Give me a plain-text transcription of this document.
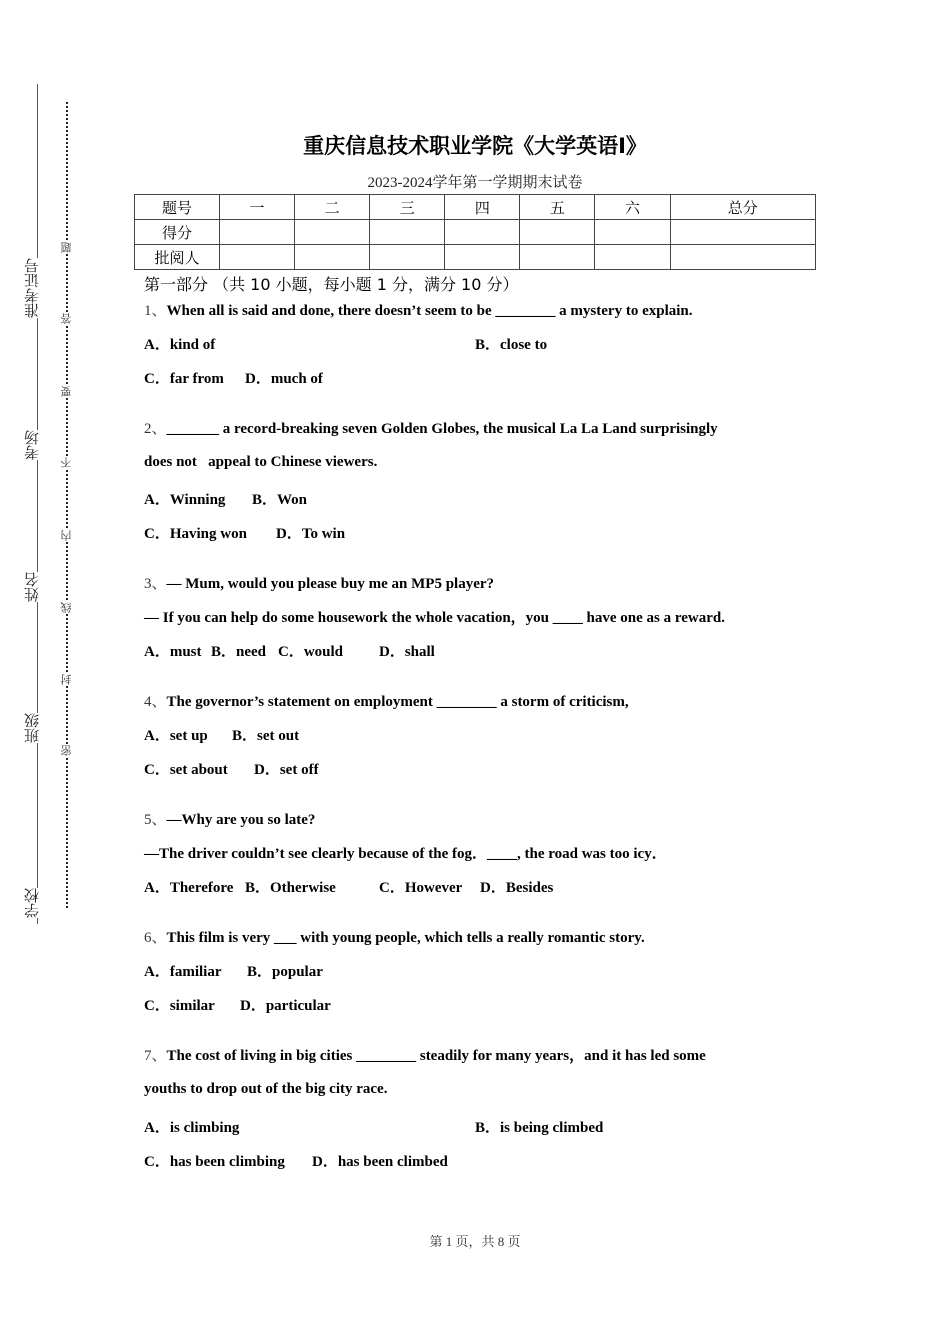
准考证号
考场
姓名
班级
学校
题
答
要
不
内
线
封
密
重庆信息技术职业学院《大学英语Ⅰ》
2023-2024学年第一学期期末试卷
题号	一	二	三	四	五	六	总分
得分							
批阅人							
第一部分 （共 10 小题，每小题 1 分，满分 10 分）
1、When all is said and done, there doesn’t seem to be ________ a mystery to explain.
A．kind of	B．close to
C．far from D．much of
2、_______ a record-breaking seven Golden Globes, the musical La La Land surprisingly
does not   appeal to Chinese viewers.
A．Winning B．Won
C．Having won D．To win
3、— Mum, would you please buy me an MP5 player?
— If you can help do some housework the whole vacation，you ____ have one as a reward.
A．must B．need C．would D．shall
4、The governor’s statement on employment ________ a storm of criticism,
A．set up B．set out
C．set about D．set off
5、—Why are you so late?
—The driver couldn’t see clearly because of the fog．____, the road was too icy．
A．Therefore B．Otherwise	C．However D．Besides
6、This film is very ___ with young people, which tells a really romantic story.
A．familiar B．popular
C．similar D．particular
7、The cost of living in big cities ________ steadily for many years，and it has led some
youths to drop out of the big city race.
A．is climbing	B．is being climbed
C．has been climbing D．has been climbed
第 1 页，共 8 页
